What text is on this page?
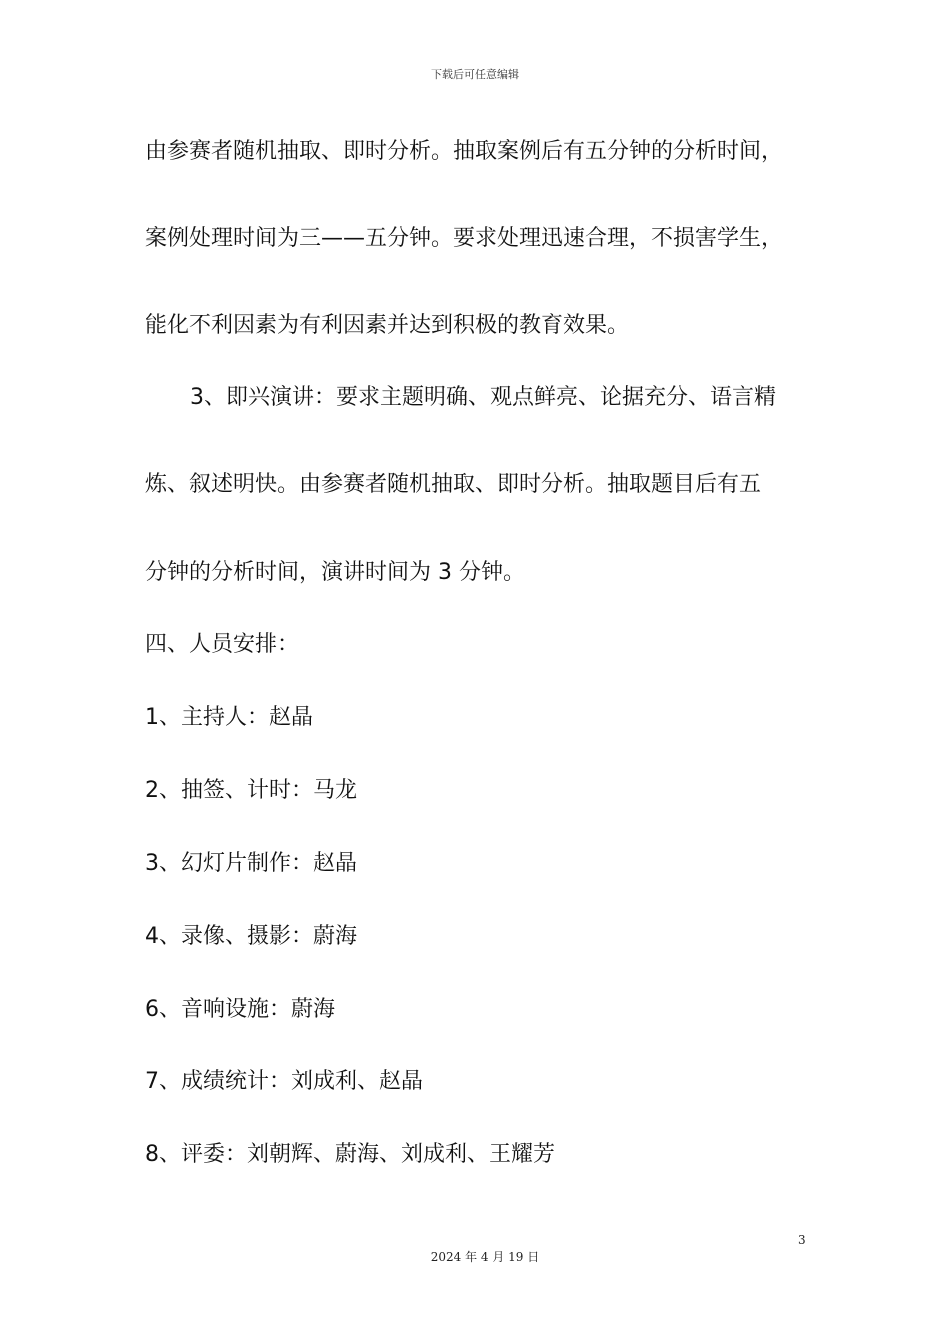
下载后可任意编辑
由参赛者随机抽取、即时分析。抽取案例后有五分钟的分析时间，
案例处理时间为三——五分钟。要求处理迅速合理，不损害学生，
能化不利因素为有利因素并达到积极的教育效果。
3、即兴演讲：要求主题明确、观点鲜亮、论据充分、语言精
炼、叙述明快。由参赛者随机抽取、即时分析。抽取题目后有五
分钟的分析时间，演讲时间为 3 分钟。
四、人员安排：
1、主持人：赵晶
2、抽签、计时：马龙
3、幻灯片制作：赵晶
4、录像、摄影：蔚海
6、音响设施：蔚海
7、成绩统计：刘成利、赵晶
8、评委：刘朝辉、蔚海、刘成利、王耀芳
3
2024 年 4 月 19 日
